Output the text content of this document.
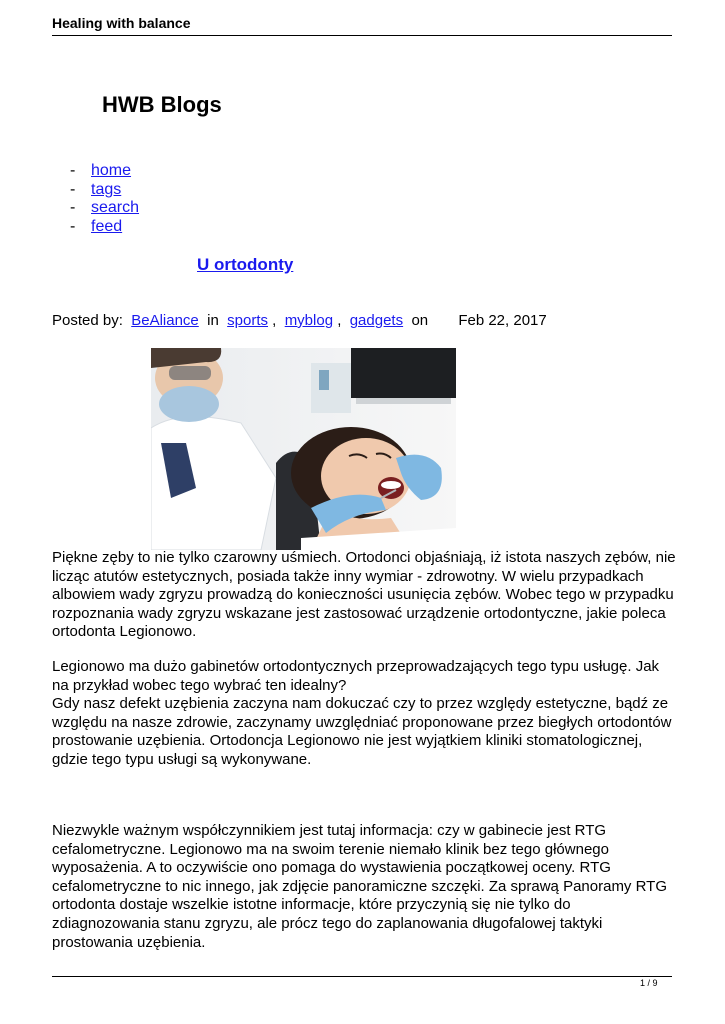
Healing with balance
HWB Blogs
- home
- tags
- search
- feed
U ortodonty
Posted by: BeAliance in sports ,  myblog ,  gadgets on Feb 22, 2017
Piękne zęby to nie tylko czarowny uśmiech. Ortodonci objaśniają, iż istota naszych zębów, nie licząc atutów estetycznych, posiada także inny wymiar - zdrowotny. W wielu przypadkach albowiem wady zgryzu prowadzą do konieczności usunięcia zębów. Wobec tego w przypadku rozpoznania wady zgryzu wskazane jest zastosować urządzenie ortodontyczne, jakie poleca ortodonta Legionowo.
Legionowo ma dużo gabinetów ortodontycznych przeprowadzających tego typu usługę. Jak na przykład wobec tego wybrać ten idealny?
Gdy nasz defekt uzębienia zaczyna nam dokuczać czy to przez względy estetyczne, bądź ze względu na nasze zdrowie, zaczynamy uwzględniać proponowane przez biegłych ortodontów prostowanie uzębienia. Ortodoncja Legionowo nie jest wyjątkiem kliniki stomatologicznej, gdzie tego typu usługi są wykonywane.
Niezwykle ważnym współczynnikiem jest tutaj informacja: czy w gabinecie jest RTG cefalometryczne. Legionowo ma na swoim terenie niemało klinik bez tego głównego wyposażenia. A to oczywiście ono pomaga do wystawienia początkowej oceny. RTG cefalometryczne to nic innego, jak zdjęcie panoramiczne szczęki. Za sprawą Panoramy RTG ortodonta dostaje wszelkie istotne informacje, które przyczynią się nie tylko do zdiagnozowania stanu zgryzu, ale prócz tego do zaplanowania długofalowej taktyki prostowania uzębienia.
1 / 9
